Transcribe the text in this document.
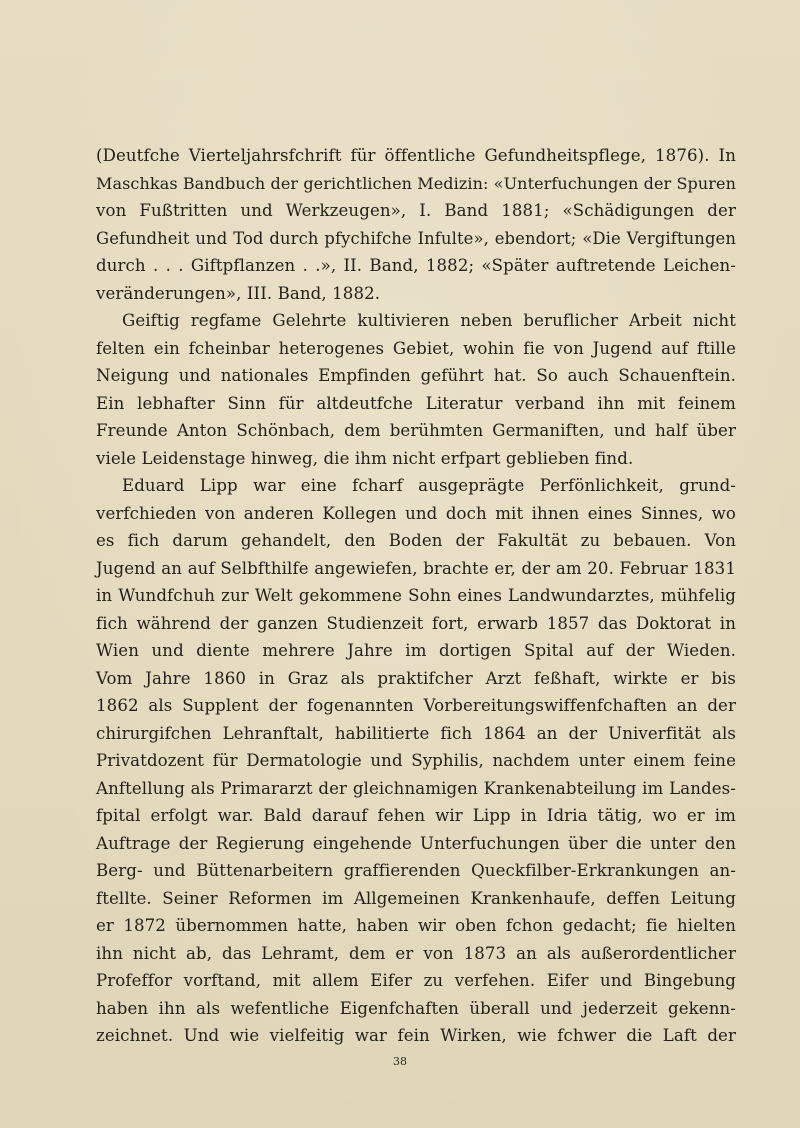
(Deutfche Vierteljahrsfchrift für öffentliche Gefundheitspflege, 1876). In
Maschkas Bandbuch der gerichtlichen Medizin: «Unterfuchungen der Spuren
von Fußtritten und Werkzeugen», I. Band 1881; «Schädigungen der
Gefundheit und Tod durch pfychifche Infulte», ebendort; «Die Vergiftungen
durch . . . Giftpflanzen . .», II. Band, 1882; «Später auftretende Leichen-
veränderungen», III. Band, 1882.
Geiftig regfame Gelehrte kultivieren neben beruflicher Arbeit nicht
felten ein fcheinbar heterogenes Gebiet, wohin fie von Jugend auf ftille
Neigung und nationales Empfinden geführt hat. So auch Schauenftein.
Ein lebhafter Sinn für altdeutfche Literatur verband ihn mit feinem
Freunde Anton Schönbach, dem berühmten Germaniften, und half über
viele Leidenstage hinweg, die ihm nicht erfpart geblieben find.
Eduard Lipp war eine fcharf ausgeprägte Perfönlichkeit, grund-
verfchieden von anderen Kollegen und doch mit ihnen eines Sinnes, wo
es fich darum gehandelt, den Boden der Fakultät zu bebauen. Von
Jugend an auf Selbfthilfe angewiefen, brachte er, der am 20. Februar 1831
in Wundfchuh zur Welt gekommene Sohn eines Landwundarztes, mühfelig
fich während der ganzen Studienzeit fort, erwarb 1857 das Doktorat in
Wien und diente mehrere Jahre im dortigen Spital auf der Wieden.
Vom Jahre 1860 in Graz als praktifcher Arzt feßhaft, wirkte er bis
1862 als Supplent der fogenannten Vorbereitungswiffenfchaften an der
chirurgifchen Lehranftalt, habilitierte fich 1864 an der Univerfität als
Privatdozent für Dermatologie und Syphilis, nachdem unter einem feine
Anftellung als Primararzt der gleichnamigen Krankenabteilung im Landes-
fpital erfolgt war. Bald darauf fehen wir Lipp in Idria tätig, wo er im
Auftrage der Regierung eingehende Unterfuchungen über die unter den
Berg- und Büttenarbeitern graffierenden Queckfilber-Erkrankungen an-
ftellte. Seiner Reformen im Allgemeinen Krankenhaufe, deffen Leitung
er 1872 übernommen hatte, haben wir oben fchon gedacht; fie hielten
ihn nicht ab, das Lehramt, dem er von 1873 an als außerordentlicher
Profeffor vorftand, mit allem Eifer zu verfehen. Eifer und Bingebung
haben ihn als wefentliche Eigenfchaften überall und jederzeit gekenn-
zeichnet. Und wie vielfeitig war fein Wirken, wie fchwer die Laft der
38
